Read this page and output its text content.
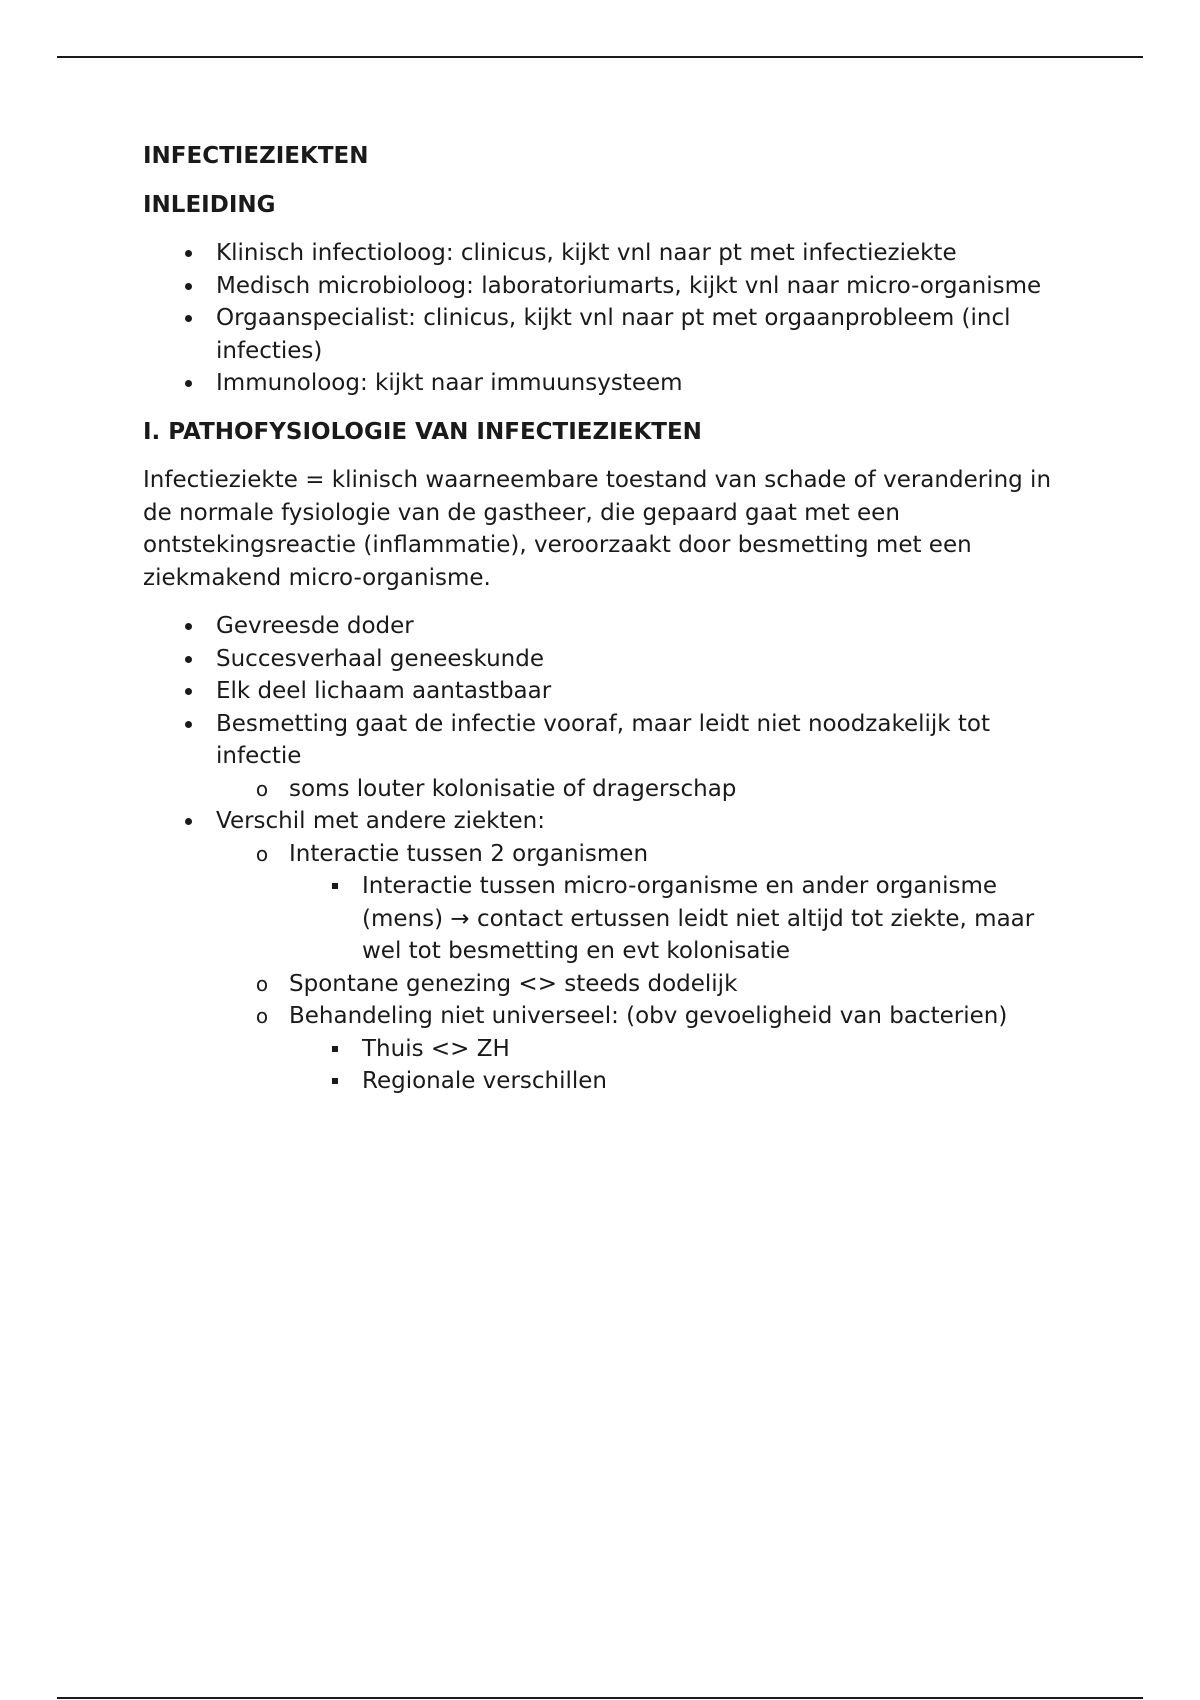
INFECTIEZIEKTEN
INLEIDING
Klinisch infectioloog: clinicus, kijkt vnl naar pt met infectieziekte
Medisch microbioloog: laboratoriumarts, kijkt vnl naar micro-organisme
Orgaanspecialist: clinicus, kijkt vnl naar pt met orgaanprobleem (incl infecties)
Immunoloog: kijkt naar immuunsysteem
I. PATHOFYSIOLOGIE VAN INFECTIEZIEKTEN

Infectieziekte = klinisch waarneembare toestand van schade of verandering in de normale fysiologie van de gastheer, die gepaard gaat met een ontstekingsreactie (inflammatie), veroorzaakt door besmetting met een ziekmakend micro-organisme.

Gevreesde doder
Succesverhaal geneeskunde
Elk deel lichaam aantastbaar
Besmetting gaat de infectie vooraf, maar leidt niet noodzakelijk tot infectie
o soms louter kolonisatie of dragerschap
Verschil met andere ziekten:
o Interactie tussen 2 organismen
Interactie tussen micro-organisme en ander organisme (mens) → contact ertussen leidt niet altijd tot ziekte, maar wel tot besmetting en evt kolonisatie
o Spontane genezing <> steeds dodelijk
o Behandeling niet universeel: (obv gevoeligheid van bacterien)
Thuis <> ZH
Regionale verschillen
